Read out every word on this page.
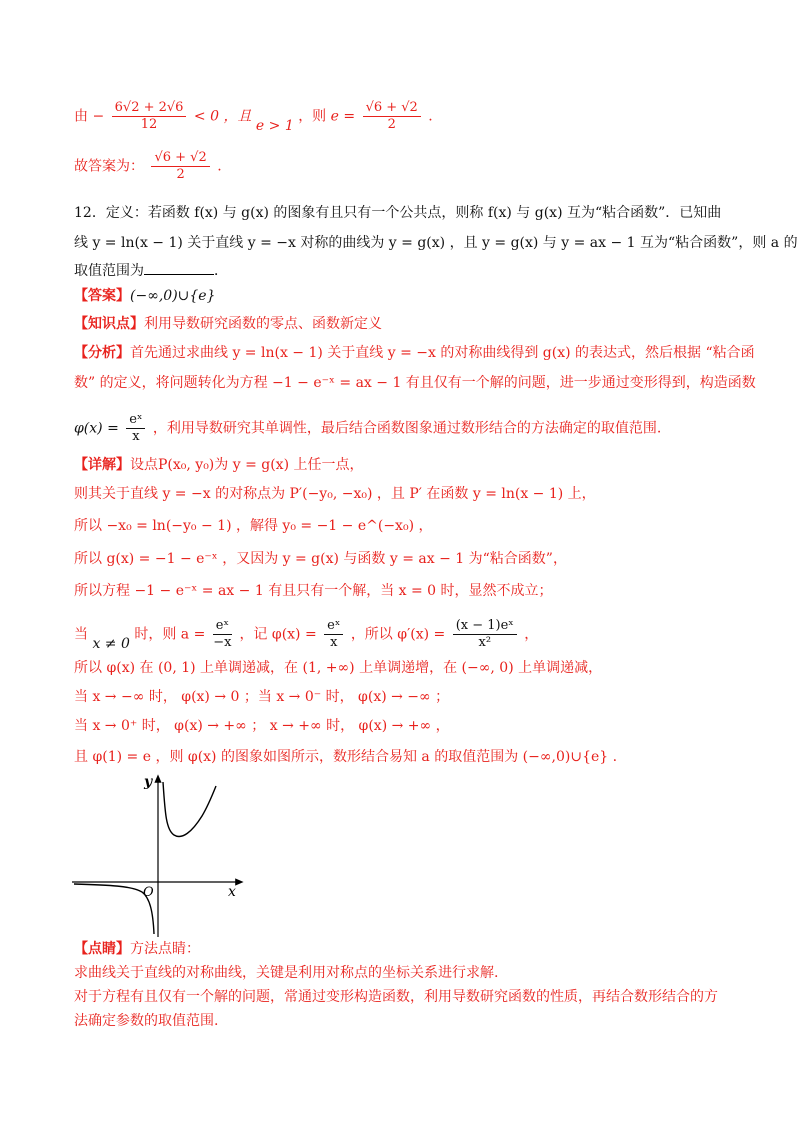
由 − $\frac{6√2 + 2√6}{12} < 0$ ，且 e > 1 ，则 $e = \frac{√6 + √2}{2}$ .
故答案为： $\frac{√6 + √2}{2}$ .
12．定义：若函数 f(x) 与 g(x) 的图象有且只有一个公共点，则称 f(x) 与 g(x) 互为“粘合函数”．已知曲
线 y = ln(x − 1) 关于直线 y = −x 对称的曲线为 y = g(x) ，且 y = g(x) 与 y = ax − 1 互为“粘合函数”，则 a 的
取值范围为	．
【答案】(−∞,0)∪{e}
【知识点】利用导数研究函数的零点、函数新定义
【分析】首先通过求曲线 y = ln(x − 1) 关于直线 y = −x 的对称曲线得到 g(x) 的表达式，然后根据 “粘合函
数” 的定义，将问题转化为方程 −1 − e⁻ˣ = ax − 1 有且仅有一个解的问题，进一步通过变形得到，构造函数
$\varphi(x) = \frac{\text{eˣ}}{x}$ ，利用导数研究其单调性，最后结合函数图象通过数形结合的方法确定的取值范围.
【详解】设点P(x₀, y₀)为 y = g(x) 上任一点，
则其关于直线 y = −x 的对称点为 P′(−y₀, −x₀) ，且 P′ 在函数 y = ln(x − 1) 上，
所以 −x₀ = ln(−y₀ − 1) ，解得 y₀ = −1 − e^(−x₀) ，
所以 g(x) = −1 − e⁻ˣ ，又因为 y = g(x) 与函数 y = ax − 1 为“粘合函数”，
所以方程 −1 − e⁻ˣ = ax − 1 有且只有一个解，当 x = 0 时，显然不成立；
当 x ≠ 0 时，则 $a = \frac{\text{eˣ}}{-x}$ ，记 $\varphi(x) = \frac{\text{eˣ}}{x}$ ，所以 $\varphi'(x) = \frac{\text{(x − 1)eˣ}}{\text{x²}}$ ，
所以 φ(x) 在 (0, 1) 上单调递减，在 (1, +∞) 上单调递增，在 (−∞, 0) 上单调递减，
当 x → −∞ 时， φ(x) → 0 ；当 x → 0⁻ 时， φ(x) → −∞ ；
当 x → 0⁺ 时， φ(x) → +∞ ； x → +∞ 时， φ(x) → +∞ ，
且 φ(1) = e ，则 φ(x) 的图象如图所示，数形结合易知 a 的取值范围为 (−∞,0)∪{e} .
y
x
O
【点睛】方法点睛：
求曲线关于直线的对称曲线，关键是利用对称点的坐标关系进行求解.
对于方程有且仅有一个解的问题，常通过变形构造函数，利用导数研究函数的性质，再结合数形结合的方
法确定参数的取值范围.
